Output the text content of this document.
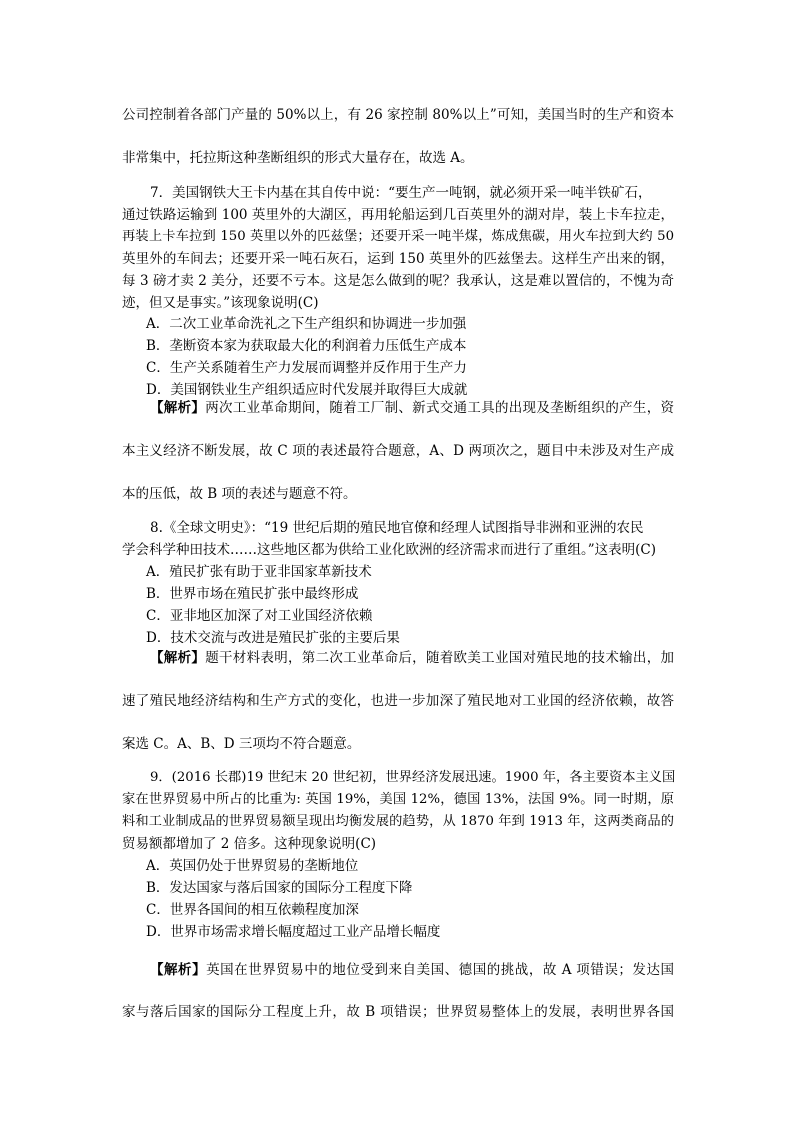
公司控制着各部门产量的 50%以上，有 26 家控制 80%以上”可知，美国当时的生产和资本
非常集中，托拉斯这种垄断组织的形式大量存在，故选 A。
7．美国钢铁大王卡内基在其自传中说：“要生产一吨钢，就必须开采一吨半铁矿石，
通过铁路运输到 100 英里外的大湖区，再用轮船运到几百英里外的湖对岸，装上卡车拉走，
再装上卡车拉到 150 英里以外的匹兹堡；还要开采一吨半煤，炼成焦碳，用火车拉到大约 50
英里外的车间去；还要开采一吨石灰石，运到 150 英里外的匹兹堡去。这样生产出来的钢，
每 3 磅才卖 2 美分，还要不亏本。这是怎么做到的呢？我承认，这是难以置信的，不愧为奇
迹，但又是事实。”该现象说明(C)
A．二次工业革命洗礼之下生产组织和协调进一步加强
B．垄断资本家为获取最大化的利润着力压低生产成本
C．生产关系随着生产力发展而调整并反作用于生产力
D．美国钢铁业生产组织适应时代发展并取得巨大成就
【解析】两次工业革命期间，随着工厂制、新式交通工具的出现及垄断组织的产生，资
本主义经济不断发展，故 C 项的表述最符合题意，A、D 两项次之，题目中未涉及对生产成
本的压低，故 B 项的表述与题意不符。
8.《全球文明史》：“19 世纪后期的殖民地官僚和经理人试图指导非洲和亚洲的农民
学会科学种田技术……这些地区都为供给工业化欧洲的经济需求而进行了重组。”这表明(C)
A．殖民扩张有助于亚非国家革新技术
B．世界市场在殖民扩张中最终形成
C．亚非地区加深了对工业国经济依赖
D．技术交流与改进是殖民扩张的主要后果
【解析】题干材料表明，第二次工业革命后，随着欧美工业国对殖民地的技术输出，加
速了殖民地经济结构和生产方式的变化，也进一步加深了殖民地对工业国的经济依赖，故答
案选 C。A、B、D 三项均不符合题意。
9．(2016 长郡)19 世纪末 20 世纪初，世界经济发展迅速。1900 年，各主要资本主义国
家在世界贸易中所占的比重为: 英国 19%，美国 12%，德国 13%，法国 9%。同一时期，原
料和工业制成品的世界贸易额呈现出均衡发展的趋势，从 1870 年到 1913 年，这两类商品的
贸易额都增加了 2 倍多。这种现象说明(C)
A．英国仍处于世界贸易的垄断地位
B．发达国家与落后国家的国际分工程度下降
C．世界各国间的相互依赖程度加深
D．世界市场需求增长幅度超过工业产品增长幅度
【解析】英国在世界贸易中的地位受到来自美国、德国的挑战，故 A 项错误；发达国
家与落后国家的国际分工程度上升，故 B 项错误；世界贸易整体上的发展，表明世界各国
